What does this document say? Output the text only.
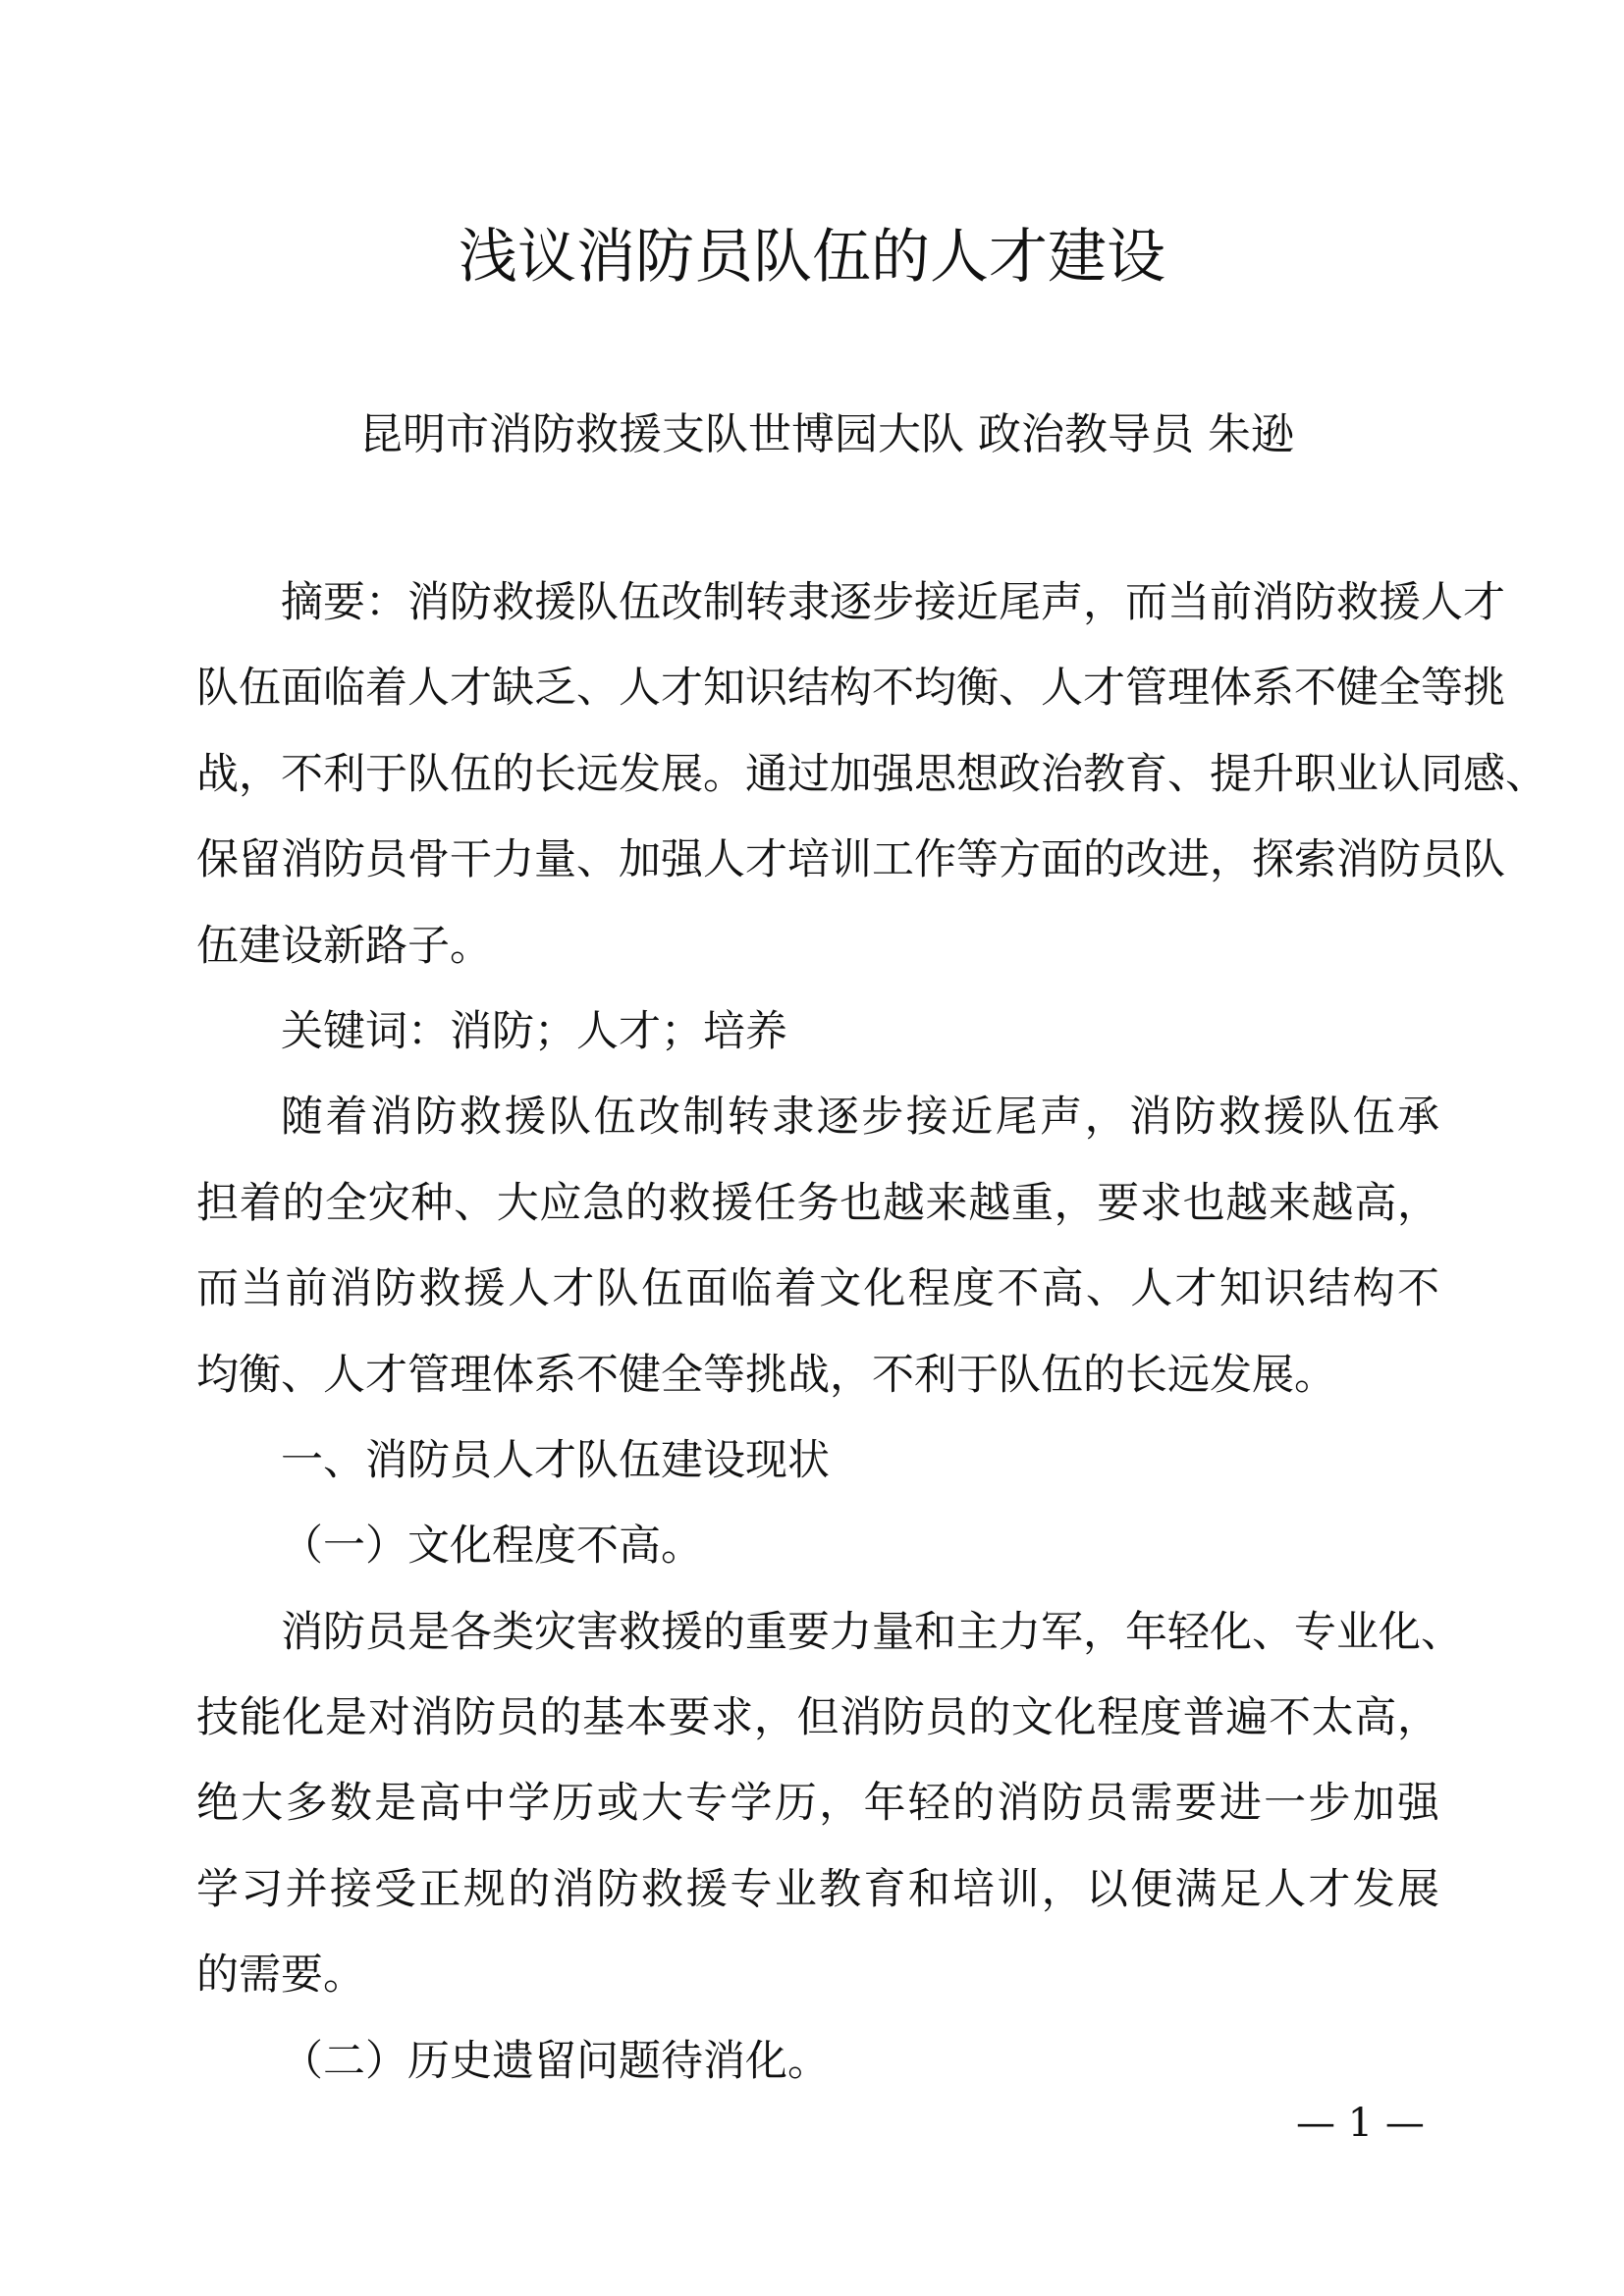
浅议消防员队伍的人才建设
昆明市消防救援支队世博园大队 政治教导员 朱逊
摘要：消防救援队伍改制转隶逐步接近尾声，而当前消防救援人才
队伍面临着人才缺乏、人才知识结构不均衡、人才管理体系不健全等挑
战，不利于队伍的长远发展。通过加强思想政治教育、提升职业认同感、
保留消防员骨干力量、加强人才培训工作等方面的改进，探索消防员队
伍建设新路子。
关键词：消防；人才；培养
随着消防救援队伍改制转隶逐步接近尾声，消防救援队伍承
担着的全灾种、大应急的救援任务也越来越重，要求也越来越高，
而当前消防救援人才队伍面临着文化程度不高、人才知识结构不
均衡、人才管理体系不健全等挑战，不利于队伍的长远发展。
一、消防员人才队伍建设现状
（一）文化程度不高。
消防员是各类灾害救援的重要力量和主力军，年轻化、专业化、
技能化是对消防员的基本要求，但消防员的文化程度普遍不太高，
绝大多数是高中学历或大专学历，年轻的消防员需要进一步加强
学习并接受正规的消防救援专业教育和培训，以便满足人才发展
的需要。
（二）历史遗留问题待消化。
— 1 —
